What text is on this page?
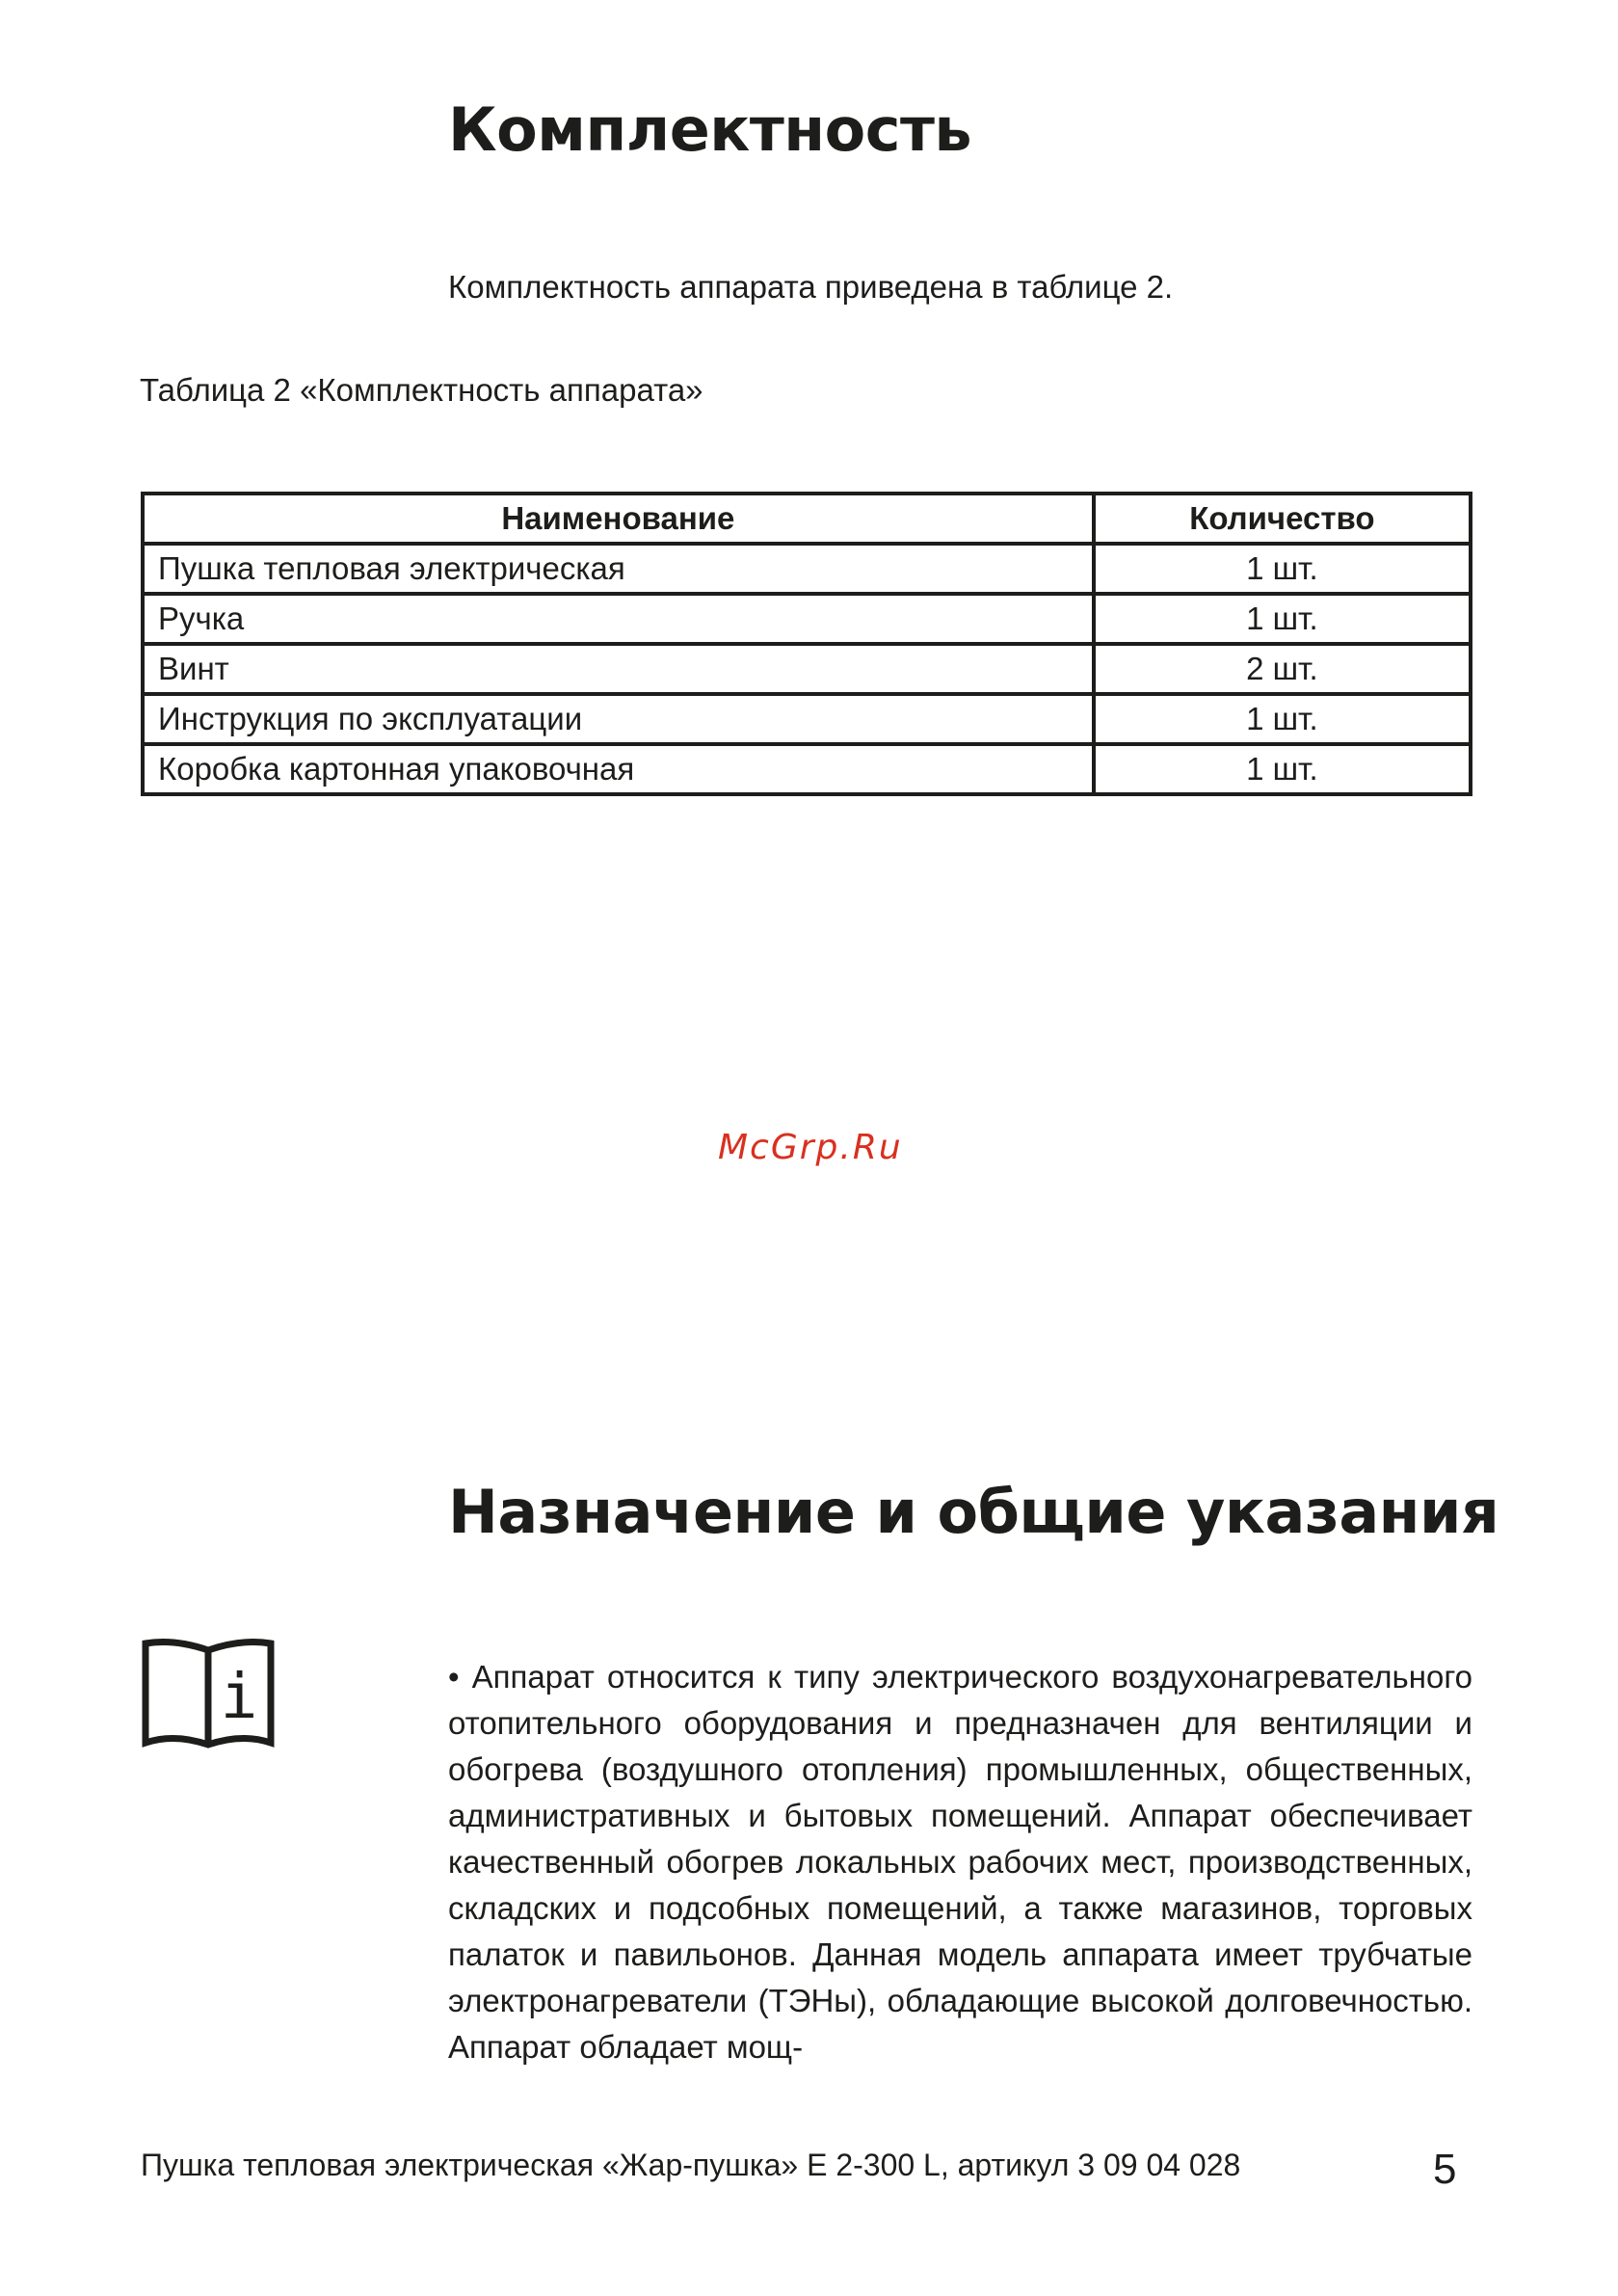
Комплектность
Комплектность аппарата приведена в таблице 2.
Таблица 2 «Комплектность аппарата»
Наименование	Количество
Пушка тепловая электрическая	1 шт.
Ручка	1 шт.
Винт	2 шт.
Инструкция по эксплуатации	1 шт.
Коробка картонная упаковочная	1 шт.
McGrp.Ru
Назначение и общие указания
i	• Аппарат относится к типу электрического воздухонагревательного отопительного оборудования и предназначен для вентиляции и обогрева (воздушного отопления) промышленных, общественных, административных и бытовых помещений. Аппарат обеспечивает качественный обогрев локальных рабочих мест, производственных, складских и подсобных помещений, а также магазинов, торговых палаток и павильонов. Данная модель аппарата имеет трубчатые электронагреватели (ТЭНы), обладающие высокой долговечностью. Аппарат обладает мощ-
Пушка тепловая электрическая «Жар-пушка» Е 2-300 L, артикул 3 09 04 028	5
